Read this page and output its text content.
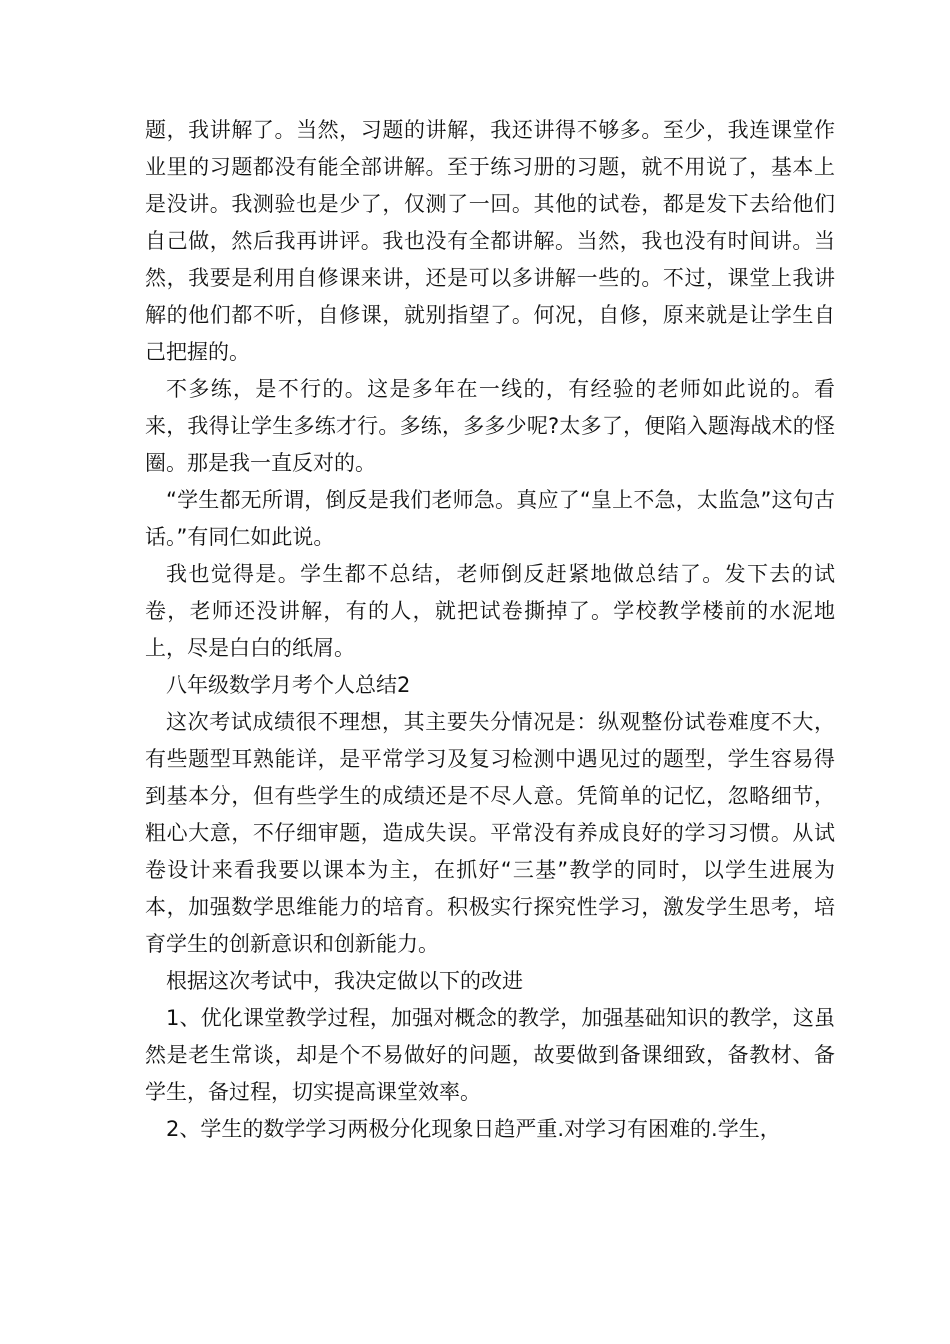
题，我讲解了。当然，习题的讲解，我还讲得不够多。至少，我连课堂作业里的习题都没有能全部讲解。至于练习册的习题，就不用说了，基本上是没讲。我测验也是少了，仅测了一回。其他的试卷，都是发下去给他们自己做，然后我再讲评。我也没有全都讲解。当然，我也没有时间讲。当然，我要是利用自修课来讲，还是可以多讲解一些的。不过，课堂上我讲解的他们都不听，自修课，就别指望了。何况，自修，原来就是让学生自己把握的。

不多练，是不行的。这是多年在一线的，有经验的老师如此说的。看来，我得让学生多练才行。多练，多多少呢?太多了，便陷入题海战术的怪圈。那是我一直反对的。

“学生都无所谓，倒反是我们老师急。真应了“皇上不急，太监急”这句古话。”有同仁如此说。

我也觉得是。学生都不总结，老师倒反赶紧地做总结了。发下去的试卷，老师还没讲解，有的人，就把试卷撕掉了。学校教学楼前的水泥地上，尽是白白的纸屑。

八年级数学月考个人总结2

这次考试成绩很不理想，其主要失分情况是：纵观整份试卷难度不大，有些题型耳熟能详，是平常学习及复习检测中遇见过的题型，学生容易得到基本分，但有些学生的成绩还是不尽人意。凭简单的记忆，忽略细节，粗心大意，不仔细审题，造成失误。平常没有养成良好的学习习惯。从试卷设计来看我要以课本为主，在抓好“三基”教学的同时，以学生进展为本，加强数学思维能力的培育。积极实行探究性学习，激发学生思考，培育学生的创新意识和创新能力。

根据这次考试中，我决定做以下的改进

1、优化课堂教学过程，加强对概念的教学，加强基础知识的教学，这虽然是老生常谈，却是个不易做好的问题，故要做到备课细致，备教材、备学生，备过程，切实提高课堂效率。

2、学生的数学学习两极分化现象日趋严重.对学习有困难的.学生，
